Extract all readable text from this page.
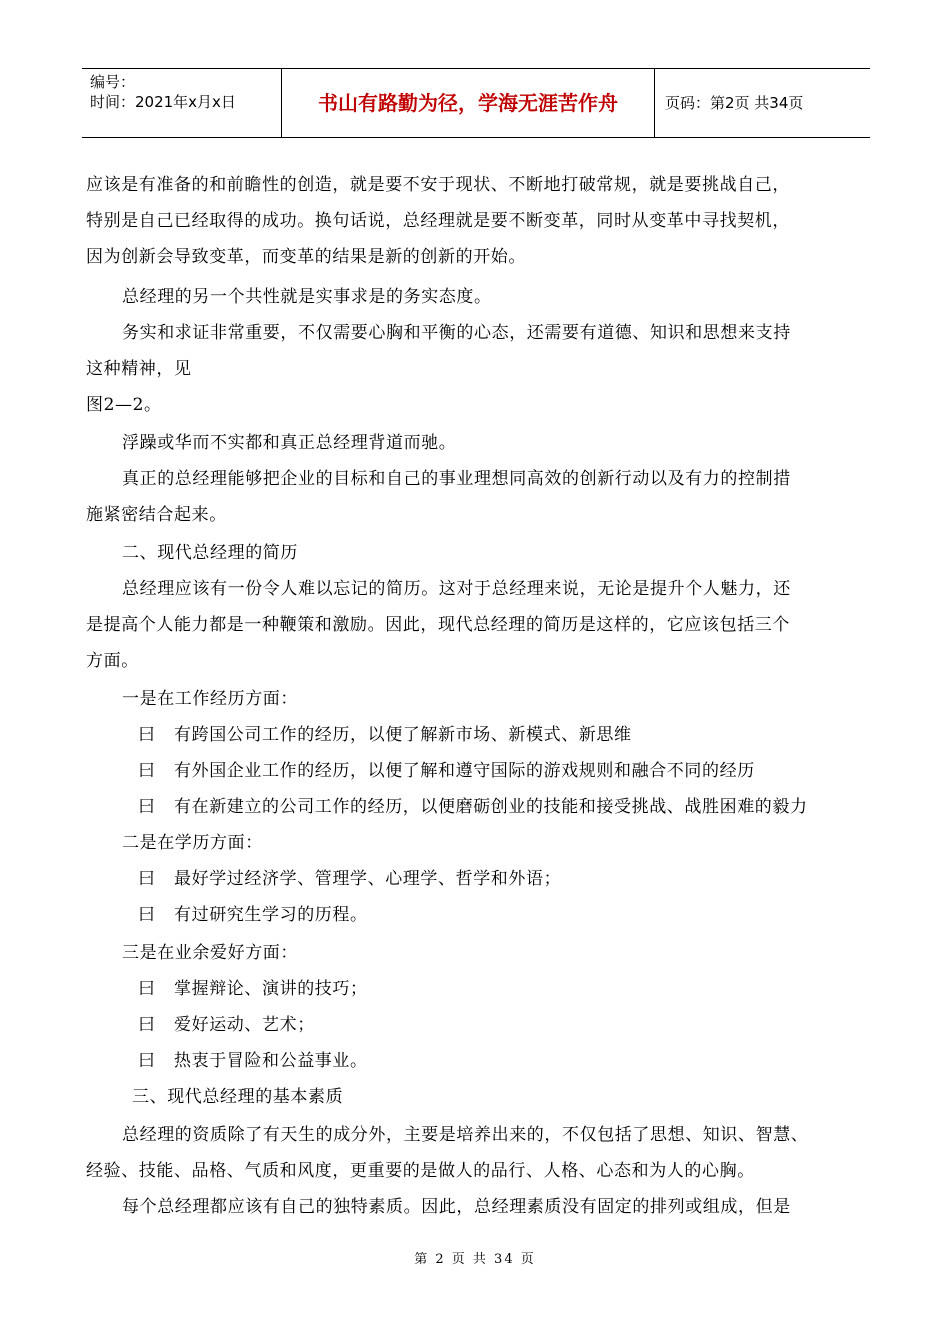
编号：
时间：2021年x月x日	书山有路勤为径，学海无涯苦作舟	页码：第2页 共34页
应该是有准备的和前瞻性的创造，就是要不安于现状、不断地打破常规，就是要挑战自己，
特别是自己已经取得的成功。换句话说，总经理就是要不断变革，同时从变革中寻找契机，
因为创新会导致变革，而变革的结果是新的创新的开始。
总经理的另一个共性就是实事求是的务实态度。
务实和求证非常重要，不仅需要心胸和平衡的心态，还需要有道德、知识和思想来支持
这种精神，见
图2—2。
浮躁或华而不实都和真正总经理背道而驰。
真正的总经理能够把企业的目标和自己的事业理想同高效的创新行动以及有力的控制措
施紧密结合起来。
二、现代总经理的简历
总经理应该有一份令人难以忘记的简历。这对于总经理来说，无论是提升个人魅力，还
是提高个人能力都是一种鞭策和激励。因此，现代总经理的简历是这样的，它应该包括三个
方面。
一是在工作经历方面：
曰 有跨国公司工作的经历，以便了解新市场、新模式、新思维
曰 有外国企业工作的经历，以便了解和遵守国际的游戏规则和融合不同的经历
曰 有在新建立的公司工作的经历，以便磨砺创业的技能和接受挑战、战胜困难的毅力
二是在学历方面：
曰 最好学过经济学、管理学、心理学、哲学和外语；
曰 有过研究生学习的历程。
三是在业余爱好方面：
曰 掌握辩论、演讲的技巧；
曰 爱好运动、艺术；
曰 热衷于冒险和公益事业。
三、现代总经理的基本素质
总经理的资质除了有天生的成分外，主要是培养出来的，不仅包括了思想、知识、智慧、
经验、技能、品格、气质和风度，更重要的是做人的品行、人格、心态和为人的心胸。
每个总经理都应该有自己的独特素质。因此，总经理素质没有固定的排列或组成，但是
第 2 页 共 34 页
